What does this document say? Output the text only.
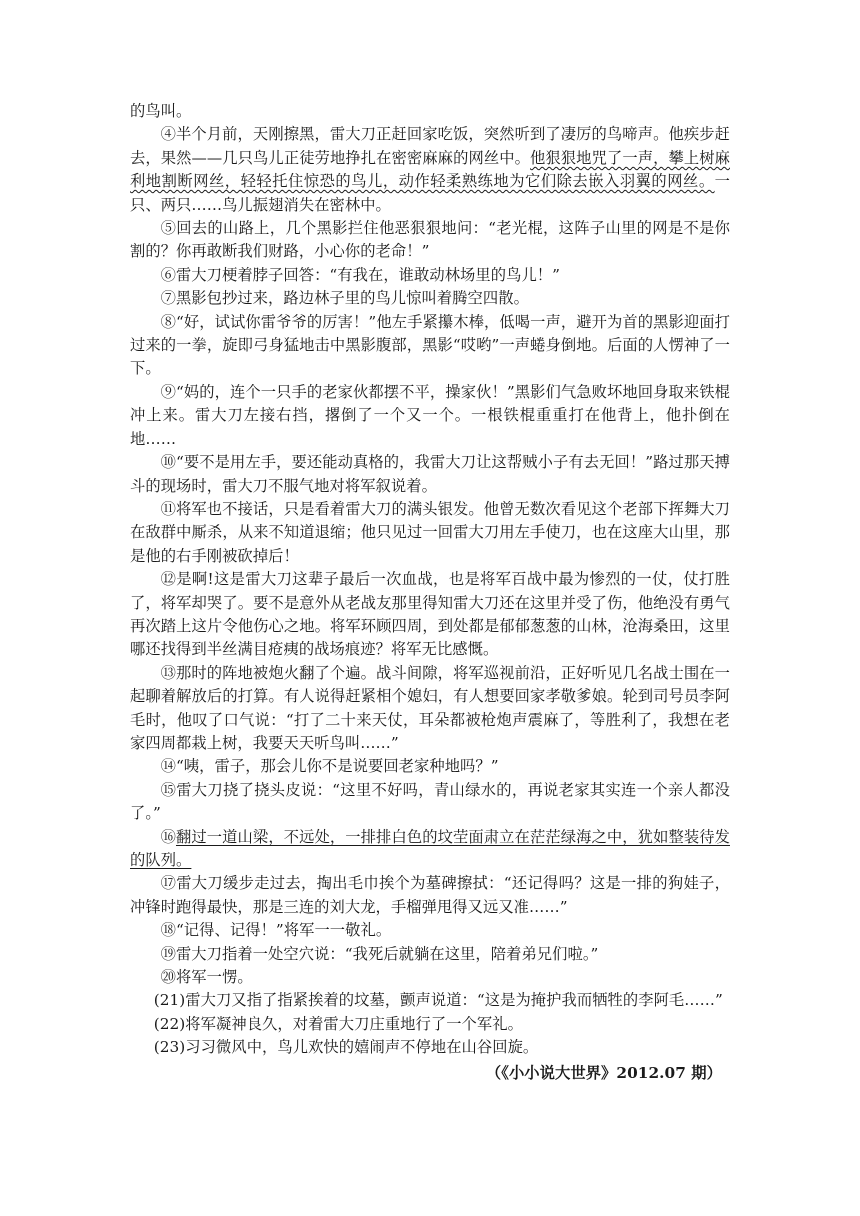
的鸟叫。

④半个月前，天刚擦黑，雷大刀正赶回家吃饭，突然听到了凄厉的鸟啼声。他疾步赶去，果然——几只鸟儿正徒劳地挣扎在密密麻麻的网丝中。他狠狠地咒了一声，攀上树麻利地割断网丝，轻轻托住惊恐的鸟儿，动作轻柔熟练地为它们除去嵌入羽翼的网丝。一只、两只……鸟儿振翅消失在密林中。

⑤回去的山路上，几个黑影拦住他恶狠狠地问：“老光棍，这阵子山里的网是不是你割的？你再敢断我们财路，小心你的老命！”

⑥雷大刀梗着脖子回答：“有我在，谁敢动林场里的鸟儿！”

⑦黑影包抄过来，路边林子里的鸟儿惊叫着腾空四散。

⑧“好，试试你雷爷爷的厉害！”他左手紧攥木棒，低喝一声，避开为首的黑影迎面打过来的一拳，旋即弓身猛地击中黑影腹部，黑影“哎哟”一声蜷身倒地。后面的人愣神了一下。

⑨“妈的，连个一只手的老家伙都摆不平，操家伙！”黑影们气急败坏地回身取来铁棍冲上来。雷大刀左接右挡，撂倒了一个又一个。一根铁棍重重打在他背上，他扑倒在地……

⑩“要不是用左手，要还能动真格的，我雷大刀让这帮贼小子有去无回！”路过那天搏斗的现场时，雷大刀不服气地对将军叙说着。

⑪将军也不接话，只是看着雷大刀的满头银发。他曾无数次看见这个老部下挥舞大刀在敌群中厮杀，从来不知道退缩；他只见过一回雷大刀用左手使刀，也在这座大山里，那是他的右手刚被砍掉后！

⑫是啊!这是雷大刀这辈子最后一次血战，也是将军百战中最为惨烈的一仗，仗打胜了，将军却哭了。要不是意外从老战友那里得知雷大刀还在这里并受了伤，他绝没有勇气再次踏上这片令他伤心之地。将军环顾四周，到处都是郁郁葱葱的山林，沧海桑田，这里哪还找得到半丝满目疮痍的战场痕迹？将军无比感慨。

⑬那时的阵地被炮火翻了个遍。战斗间隙，将军巡视前沿，正好听见几名战士围在一起聊着解放后的打算。有人说得赶紧相个媳妇，有人想要回家孝敬爹娘。轮到司号员李阿毛时，他叹了口气说：“打了二十来天仗，耳朵都被枪炮声震麻了，等胜利了，我想在老家四周都栽上树，我要天天听鸟叫……”

⑭“咦，雷子，那会儿你不是说要回老家种地吗？”

⑮雷大刀挠了挠头皮说：“这里不好吗，青山绿水的，再说老家其实连一个亲人都没了。”

⑯翻过一道山梁，不远处，一排排白色的坟茔面肃立在茫茫绿海之中，犹如整装待发的队列。

⑰雷大刀缓步走过去，掏出毛巾挨个为墓碑擦拭：“还记得吗？这是一排的狗娃子，冲锋时跑得最快，那是三连的刘大龙，手榴弹甩得又远又准……”

⑱“记得、记得！”将军一一敬礼。

⑲雷大刀指着一处空穴说：“我死后就躺在这里，陪着弟兄们啦。”

⑳将军一愣。

(21)雷大刀又指了指紧挨着的坟墓，颤声说道：“这是为掩护我而牺牲的李阿毛……”

(22)将军凝神良久，对着雷大刀庄重地行了一个军礼。

(23)习习微风中，鸟儿欢快的嬉闹声不停地在山谷回旋。

（《小小说大世界》2012.07 期）
